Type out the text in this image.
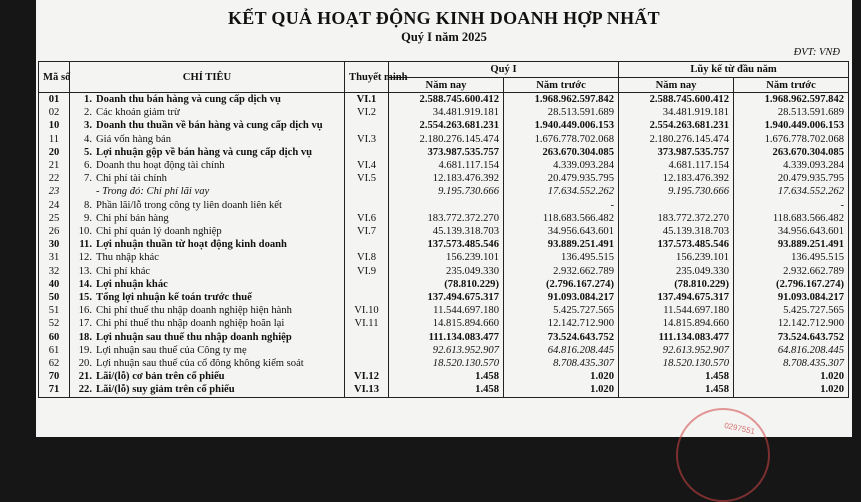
KẾT QUẢ HOẠT ĐỘNG KINH DOANH HỢP NHẤT
Quý I năm 2025
ĐVT: VNĐ
Mã số	CHỈ TIÊU	Thuyết minh	Quý I		Lũy kế từ đầu năm	
			Năm nay	Năm trước	Năm nay	Năm trước
01	1. Doanh thu bán hàng và cung cấp dịch vụ	VI.1	2.588.745.600.412	1.968.962.597.842	2.588.745.600.412	1.968.962.597.842
02	2. Các khoản giảm trừ	VI.2	34.481.919.181	28.513.591.689	34.481.919.181	28.513.591.689
10	3. Doanh thu thuần về bán hàng và cung cấp dịch vụ		2.554.263.681.231	1.940.449.006.153	2.554.263.681.231	1.940.449.006.153
11	4. Giá vốn hàng bán	VI.3	2.180.276.145.474	1.676.778.702.068	2.180.276.145.474	1.676.778.702.068
20	5. Lợi nhuận gộp về bán hàng và cung cấp dịch vụ		373.987.535.757	263.670.304.085	373.987.535.757	263.670.304.085
21	6. Doanh thu hoạt động tài chính	VI.4	4.681.117.154	4.339.093.284	4.681.117.154	4.339.093.284
22	7. Chi phí tài chính	VI.5	12.183.476.392	20.479.935.795	12.183.476.392	20.479.935.795
23	- Trong đó: Chi phí lãi vay		9.195.730.666	17.634.552.262	9.195.730.666	17.634.552.262
24	8. Phần lãi/lỗ trong công ty liên doanh liên kết			-		-
25	9. Chi phí bán hàng	VI.6	183.772.372.270	118.683.566.482	183.772.372.270	118.683.566.482
26	10. Chi phí quản lý doanh nghiệp	VI.7	45.139.318.703	34.956.643.601	45.139.318.703	34.956.643.601
30	11. Lợi nhuận thuần từ hoạt động kinh doanh		137.573.485.546	93.889.251.491	137.573.485.546	93.889.251.491
31	12. Thu nhập khác	VI.8	156.239.101	136.495.515	156.239.101	136.495.515
32	13. Chi phí khác	VI.9	235.049.330	2.932.662.789	235.049.330	2.932.662.789
40	14. Lợi nhuận khác		(78.810.229)	(2.796.167.274)	(78.810.229)	(2.796.167.274)
50	15. Tổng lợi nhuận kế toán trước thuế		137.494.675.317	91.093.084.217	137.494.675.317	91.093.084.217
51	16. Chi phí thuế thu nhập doanh nghiệp hiện hành	VI.10	11.544.697.180	5.425.727.565	11.544.697.180	5.425.727.565
52	17. Chi phí thuế thu nhập doanh nghiệp hoãn lại	VI.11	14.815.894.660	12.142.712.900	14.815.894.660	12.142.712.900
60	18. Lợi nhuận sau thuế thu nhập doanh nghiệp		111.134.083.477	73.524.643.752	111.134.083.477	73.524.643.752
61	19. Lợi nhuận sau thuế của Công ty mẹ		92.613.952.907	64.816.208.445	92.613.952.907	64.816.208.445
62	20. Lợi nhuận sau thuế của cổ đông không kiểm soát		18.520.130.570	8.708.435.307	18.520.130.570	8.708.435.307
70	21. Lãi/(lỗ) cơ bản trên cổ phiếu	VI.12	1.458	1.020	1.458	1.020
71	22. Lãi/(lỗ) suy giảm trên cổ phiếu	VI.13	1.458	1.020	1.458	1.020
0297551
